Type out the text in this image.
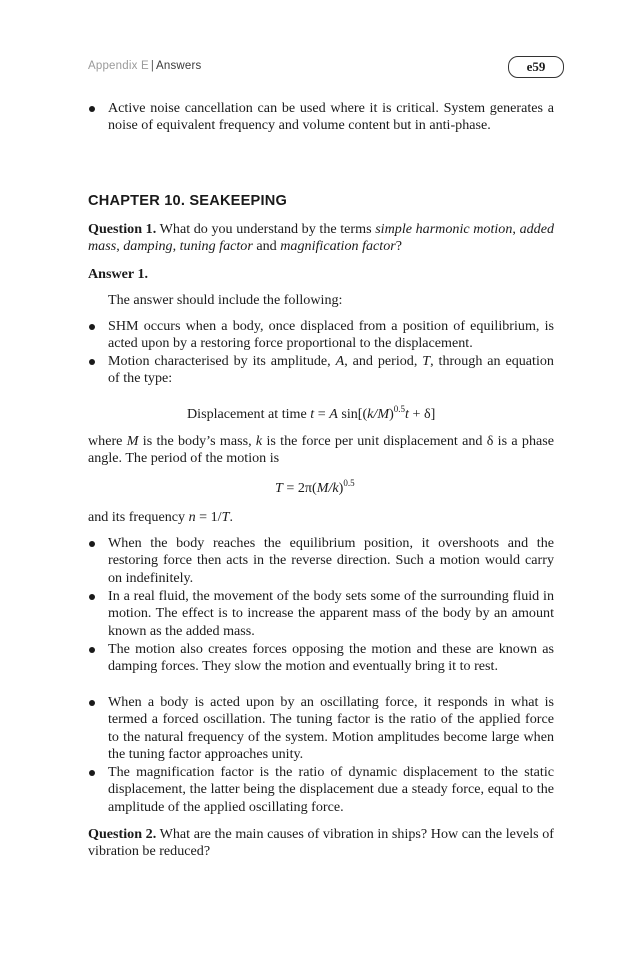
Appendix E | Answers	e59
Active noise cancellation can be used where it is critical. System generates a noise of equivalent frequency and volume content but in anti-phase.
CHAPTER 10. SEAKEEPING

Question 1. What do you understand by the terms simple harmonic motion, added mass, damping, tuning factor and magnification factor?

Answer 1.

The answer should include the following:

SHM occurs when a body, once displaced from a position of equilibrium, is acted upon by a restoring force proportional to the displacement.
Motion characterised by its amplitude, A, and period, T, through an equation of the type:
Displacement at time t = A $\sin[(k/M)^{0.5}t + \delta]$

where M is the body’s mass, k is the force per unit displacement and δ is a phase angle. The period of the motion is

$T = 2\pi(M/k)^{0.5}$

and its frequency n = 1/T.

When the body reaches the equilibrium position, it overshoots and the restoring force then acts in the reverse direction. Such a motion would carry on indefinitely.
In a real fluid, the movement of the body sets some of the surrounding fluid in motion. The effect is to increase the apparent mass of the body by an amount known as the added mass.
The motion also creates forces opposing the motion and these are known as damping forces. They slow the motion and eventually bring it to rest.
When a body is acted upon by an oscillating force, it responds in what is termed a forced oscillation. The tuning factor is the ratio of the applied force to the natural frequency of the system. Motion amplitudes become large when the tuning factor approaches unity.
The magnification factor is the ratio of dynamic displacement to the static displacement, the latter being the displacement due a steady force, equal to the amplitude of the applied oscillating force.

Question 2. What are the main causes of vibration in ships? How can the levels of vibration be reduced?
